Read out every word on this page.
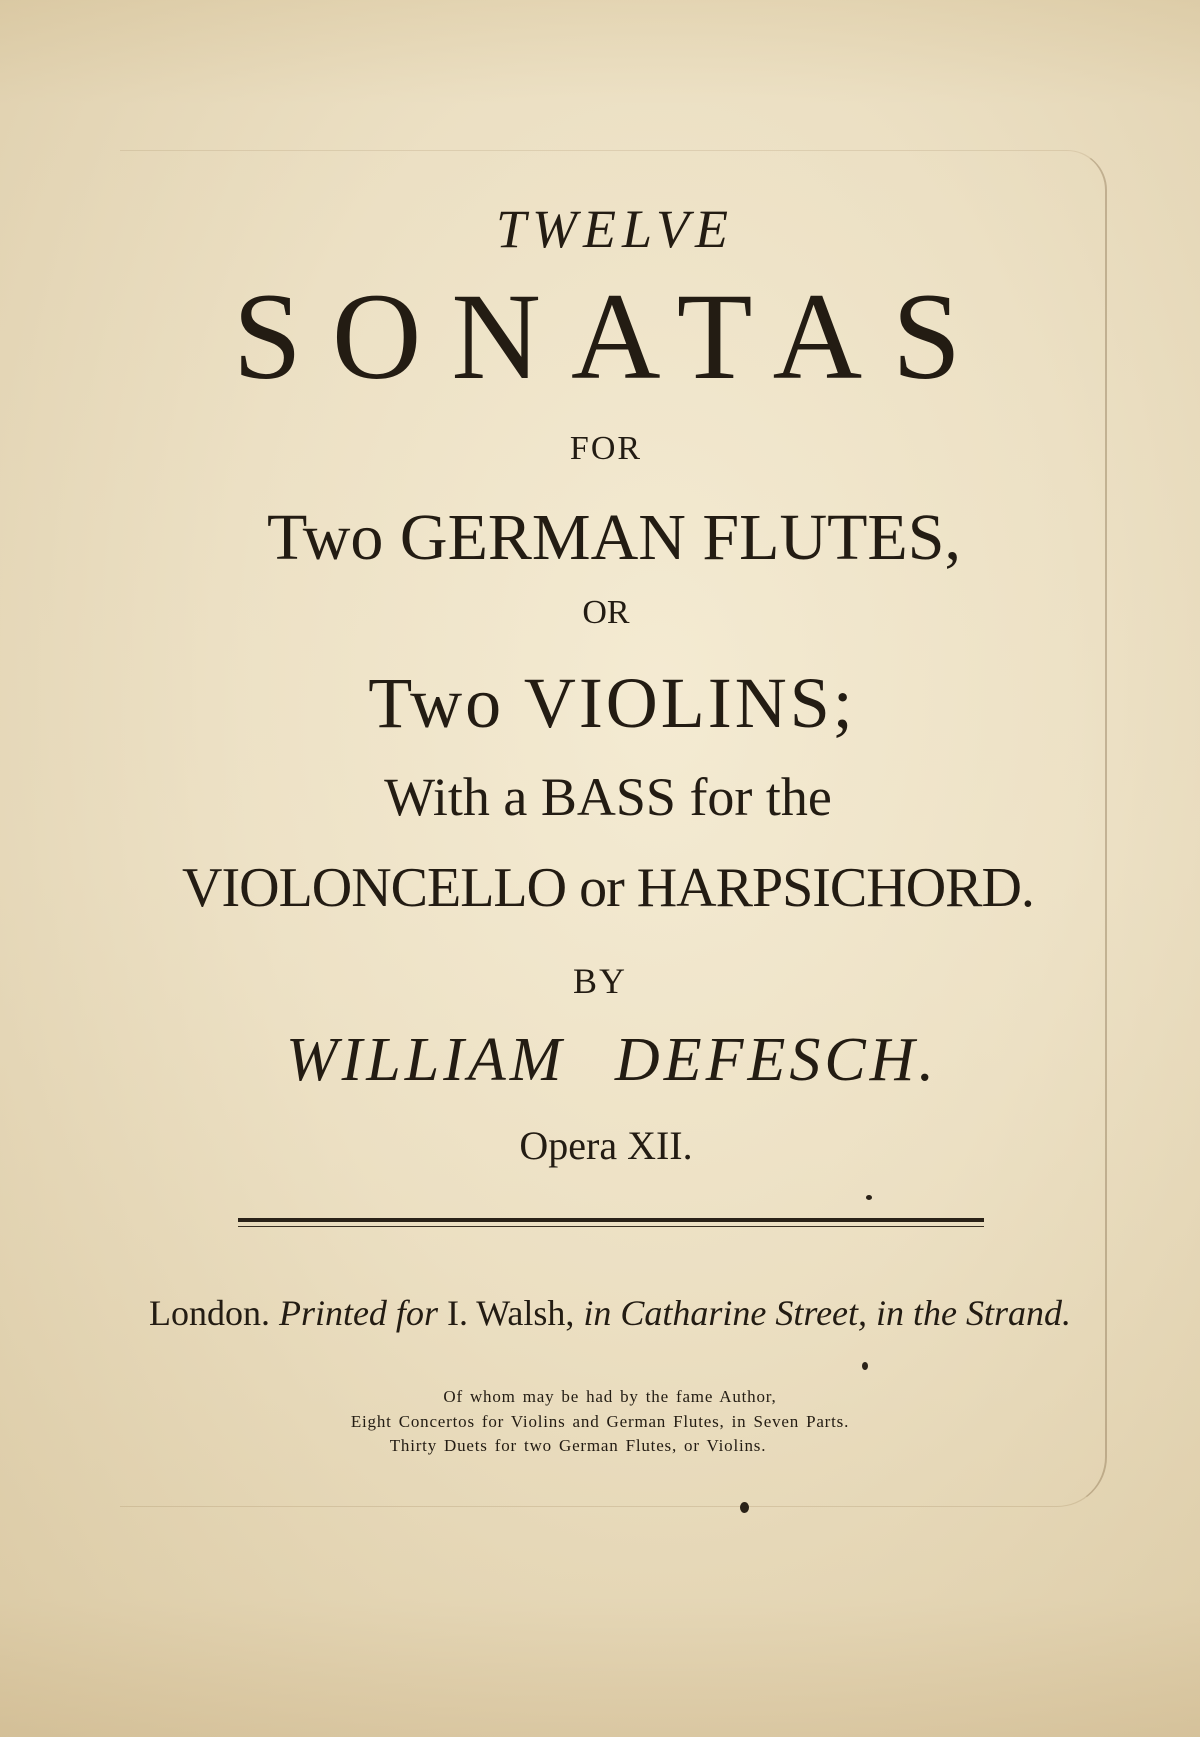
TWELVE
SONATAS
FOR
Two GERMAN FLUTES,
OR
Two VIOLINS;
With a BASS for the
VIOLONCELLO or HARPSICHORD.
BY
WILLIAM DEFESCH.
Opera XII.
London. Printed for I. Walsh, in Catharine Street, in the Strand.
Of whom may be had by the fame Author,
Eight Concertos for Violins and German Flutes, in Seven Parts.
Thirty Duets for two German Flutes, or Violins.
